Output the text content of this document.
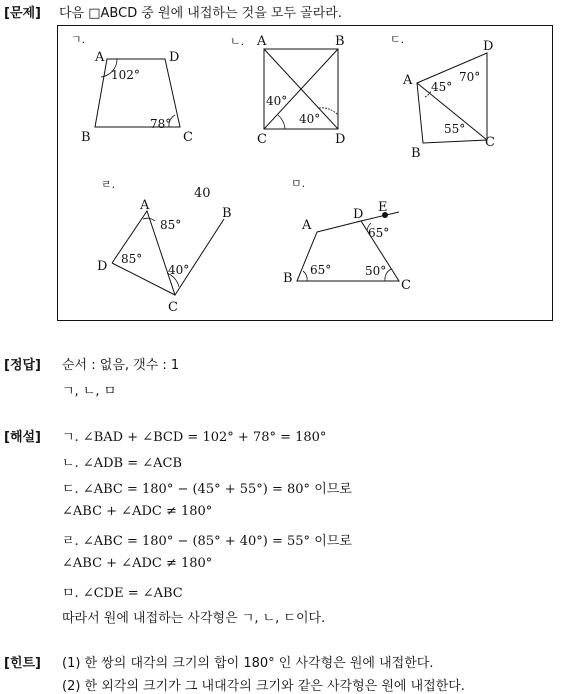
[문제] 다음 □ABCD 중 원에 내접하는 것을 모두 골라라.
ㄱ.
A	D
B	C
102°
78°
ㄴ. A	B
C	D
40°
40°
ㄷ.
A
D
B
C
45°
70°
55°
ㄹ.
40
A
B
C
D
85°
85°
40°
ㅁ.
A
D E
B	C
65°
65°	50°
[정답] 순서 : 없음, 갯수 : 1
ㄱ, ㄴ, ㅁ
[해설] ㄱ. ∠BAD + ∠BCD = 102° + 78° = 180°
ㄴ. ∠ADB = ∠ACB
ㄷ. ∠ABC = 180° − (45° + 55°) = 80° 이므로
∠ABC + ∠ADC ≠ 180°
ㄹ. ∠ABC = 180° − (85° + 40°) = 55° 이므로
∠ABC + ∠ADC ≠ 180°
ㅁ. ∠CDE = ∠ABC
따라서 원에 내접하는 사각형은 ㄱ, ㄴ, ㄷ이다.
[힌트] (1) 한 쌍의 대각의 크기의 합이 180° 인 사각형은 원에 내접한다.
(2) 한 외각의 크기가 그 내대각의 크기와 같은 사각형은 원에 내접한다.
